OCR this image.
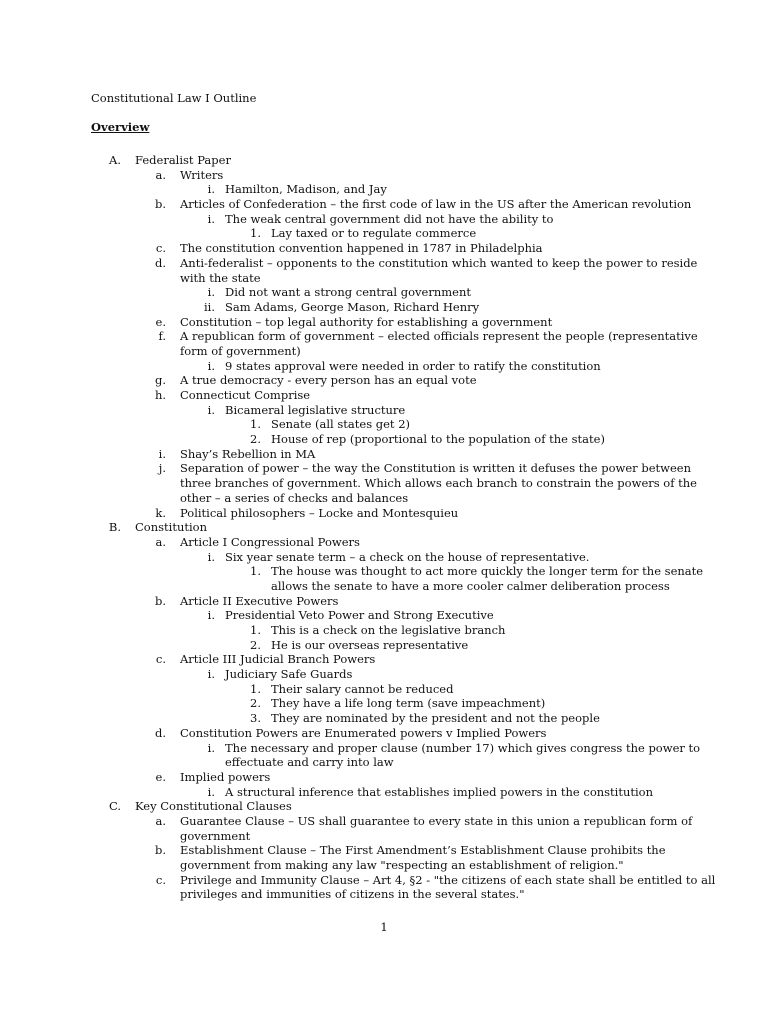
Constitutional Law I Outline
Overview
A. Federalist Paper
a. Writers
i. Hamilton, Madison, and Jay
b. Articles of Confederation – the first code of law in the US after the American revolution
i. The weak central government did not have the ability to
1. Lay taxed or to regulate commerce
c. The constitution convention happened in 1787 in Philadelphia
d. Anti-federalist – opponents to the constitution which wanted to keep the power to reside
with the state
i. Did not want a strong central government
ii. Sam Adams, George Mason, Richard Henry
e. Constitution – top legal authority for establishing a government
f. A republican form of government – elected officials represent the people (representative
form of government)
i. 9 states approval were needed in order to ratify the constitution
g. A true democracy - every person has an equal vote
h. Connecticut Comprise
i. Bicameral legislative structure
1. Senate (all states get 2)
2. House of rep (proportional to the population of the state)
i. Shay’s Rebellion in MA
j. Separation of power – the way the Constitution is written it defuses the power between
three branches of government. Which allows each branch to constrain the powers of the
other – a series of checks and balances
k. Political philosophers – Locke and Montesquieu
B. Constitution
a. Article I Congressional Powers
i. Six year senate term – a check on the house of representative.
1. The house was thought to act more quickly the longer term for the senate
allows the senate to have a more cooler calmer deliberation process
b. Article II Executive Powers
i. Presidential Veto Power and Strong Executive
1. This is a check on the legislative branch
2. He is our overseas representative
c. Article III Judicial Branch Powers
i. Judiciary Safe Guards
1. Their salary cannot be reduced
2. They have a life long term (save impeachment)
3. They are nominated by the president and not the people
d. Constitution Powers are Enumerated powers v Implied Powers
i. The necessary and proper clause (number 17) which gives congress the power to
effectuate and carry into law
e. Implied powers
i. A structural inference that establishes implied powers in the constitution
C. Key Constitutional Clauses
a. Guarantee Clause – US shall guarantee to every state in this union a republican form of
government
b. Establishment Clause – The First Amendment’s Establishment Clause prohibits the
government from making any law "respecting an establishment of religion."
c. Privilege and Immunity Clause – Art 4, §2 - "the citizens of each state shall be entitled to all
privileges and immunities of citizens in the several states."
1
